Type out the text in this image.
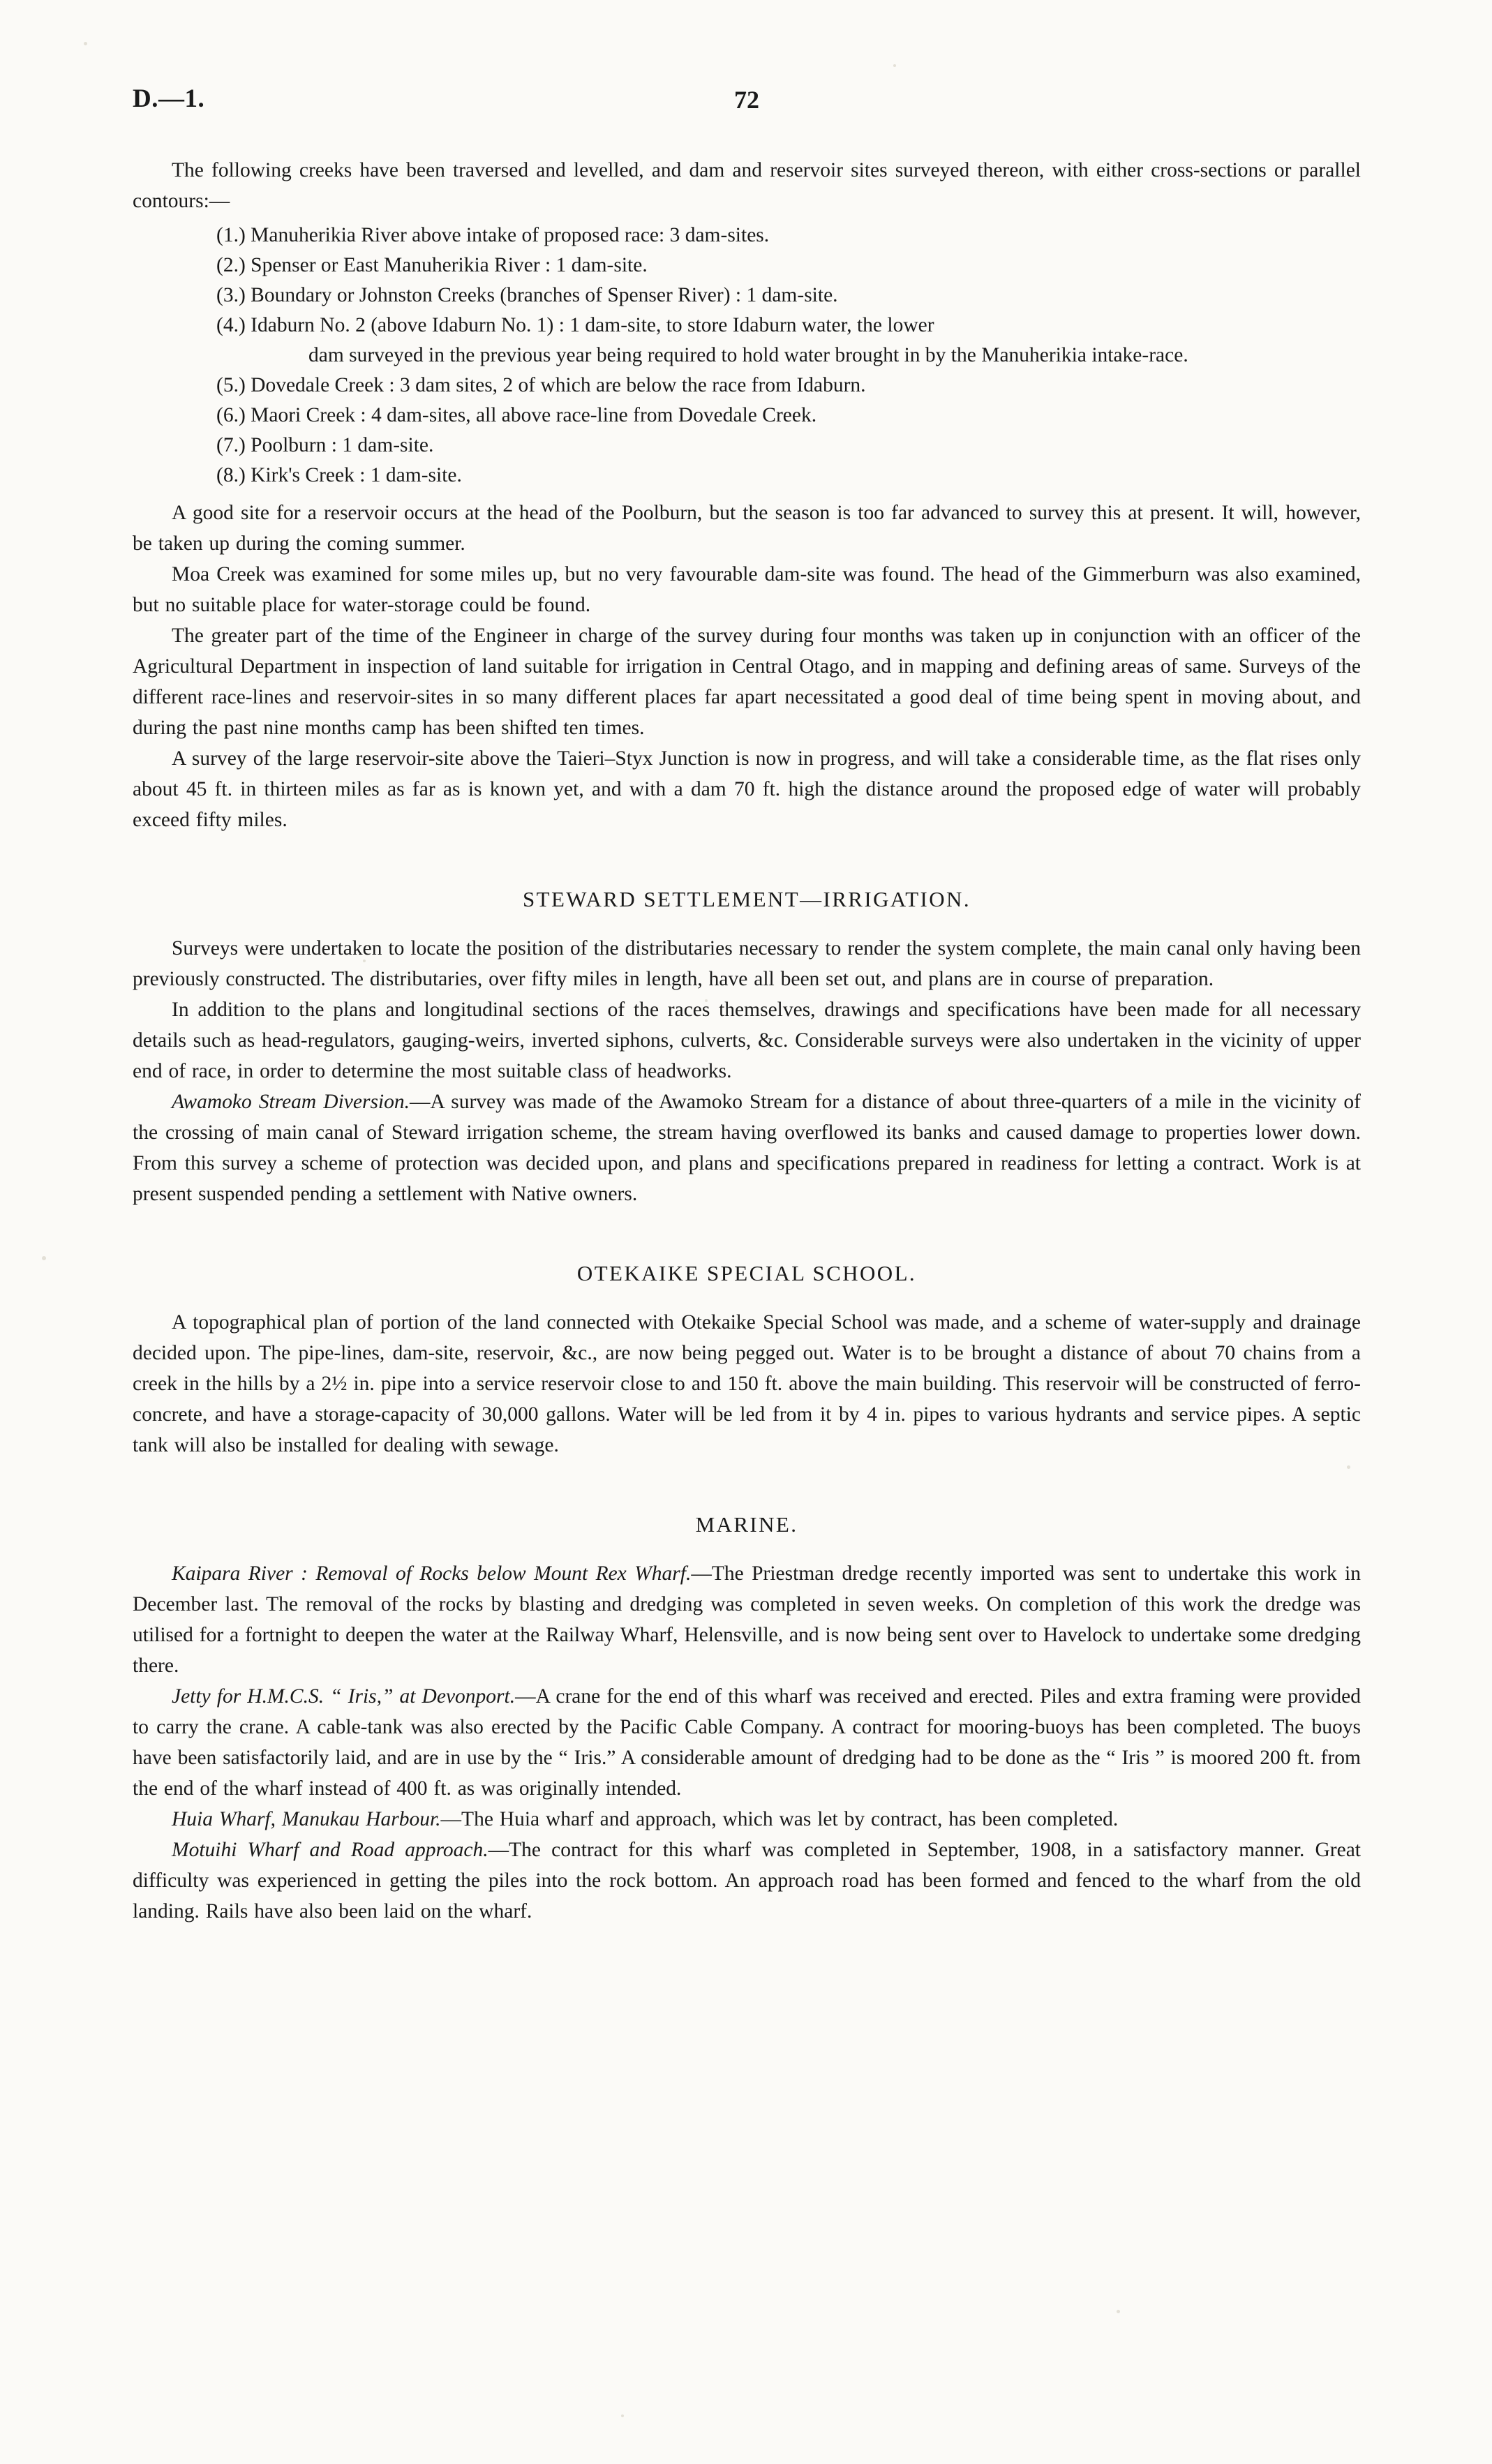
D.—1.	72

The following creeks have been traversed and levelled, and dam and reservoir sites surveyed thereon, with either cross-sections or parallel contours:—

(1.) Manuherikia River above intake of proposed race: 3 dam-sites.
(2.) Spenser or East Manuherikia River : 1 dam-site.
(3.) Boundary or Johnston Creeks (branches of Spenser River) : 1 dam-site.
(4.) Idaburn No. 2 (above Idaburn No. 1) : 1 dam-site, to store Idaburn water, the lower
dam surveyed in the previous year being required to hold water brought in by the Manuherikia intake-race.
(5.) Dovedale Creek : 3 dam sites, 2 of which are below the race from Idaburn.
(6.) Maori Creek : 4 dam-sites, all above race-line from Dovedale Creek.
(7.) Poolburn : 1 dam-site.
(8.) Kirk's Creek : 1 dam-site.

A good site for a reservoir occurs at the head of the Poolburn, but the season is too far advanced to survey this at present. It will, however, be taken up during the coming summer.

Moa Creek was examined for some miles up, but no very favourable dam-site was found. The head of the Gimmerburn was also examined, but no suitable place for water-storage could be found.

The greater part of the time of the Engineer in charge of the survey during four months was taken up in conjunction with an officer of the Agricultural Department in inspection of land suitable for irrigation in Central Otago, and in mapping and defining areas of same. Surveys of the different race-lines and reservoir-sites in so many different places far apart necessitated a good deal of time being spent in moving about, and during the past nine months camp has been shifted ten times.

A survey of the large reservoir-site above the Taieri–Styx Junction is now in progress, and will take a considerable time, as the flat rises only about 45 ft. in thirteen miles as far as is known yet, and with a dam 70 ft. high the distance around the proposed edge of water will probably exceed fifty miles.

STEWARD SETTLEMENT—IRRIGATION.

Surveys were undertaken to locate the position of the distributaries necessary to render the system complete, the main canal only having been previously constructed. The distributaries, over fifty miles in length, have all been set out, and plans are in course of preparation.

In addition to the plans and longitudinal sections of the races themselves, drawings and specifications have been made for all necessary details such as head-regulators, gauging-weirs, inverted siphons, culverts, &c. Considerable surveys were also undertaken in the vicinity of upper end of race, in order to determine the most suitable class of headworks.

Awamoko Stream Diversion.—A survey was made of the Awamoko Stream for a distance of about three-quarters of a mile in the vicinity of the crossing of main canal of Steward irrigation scheme, the stream having overflowed its banks and caused damage to properties lower down. From this survey a scheme of protection was decided upon, and plans and specifications prepared in readiness for letting a contract. Work is at present suspended pending a settlement with Native owners.

OTEKAIKE SPECIAL SCHOOL.

A topographical plan of portion of the land connected with Otekaike Special School was made, and a scheme of water-supply and drainage decided upon. The pipe-lines, dam-site, reservoir, &c., are now being pegged out. Water is to be brought a distance of about 70 chains from a creek in the hills by a 2½ in. pipe into a service reservoir close to and 150 ft. above the main building. This reservoir will be constructed of ferro-concrete, and have a storage-capacity of 30,000 gallons. Water will be led from it by 4 in. pipes to various hydrants and service pipes. A septic tank will also be installed for dealing with sewage.

MARINE.

Kaipara River : Removal of Rocks below Mount Rex Wharf.—The Priestman dredge recently imported was sent to undertake this work in December last. The removal of the rocks by blasting and dredging was completed in seven weeks. On completion of this work the dredge was utilised for a fortnight to deepen the water at the Railway Wharf, Helensville, and is now being sent over to Havelock to undertake some dredging there.

Jetty for H.M.C.S. “ Iris,” at Devonport.—A crane for the end of this wharf was received and erected. Piles and extra framing were provided to carry the crane. A cable-tank was also erected by the Pacific Cable Company. A contract for mooring-buoys has been completed. The buoys have been satisfactorily laid, and are in use by the “ Iris.” A considerable amount of dredging had to be done as the “ Iris ” is moored 200 ft. from the end of the wharf instead of 400 ft. as was originally intended.

Huia Wharf, Manukau Harbour.—The Huia wharf and approach, which was let by contract, has been completed.

Motuihi Wharf and Road approach.—The contract for this wharf was completed in September, 1908, in a satisfactory manner. Great difficulty was experienced in getting the piles into the rock bottom. An approach road has been formed and fenced to the wharf from the old landing. Rails have also been laid on the wharf.
